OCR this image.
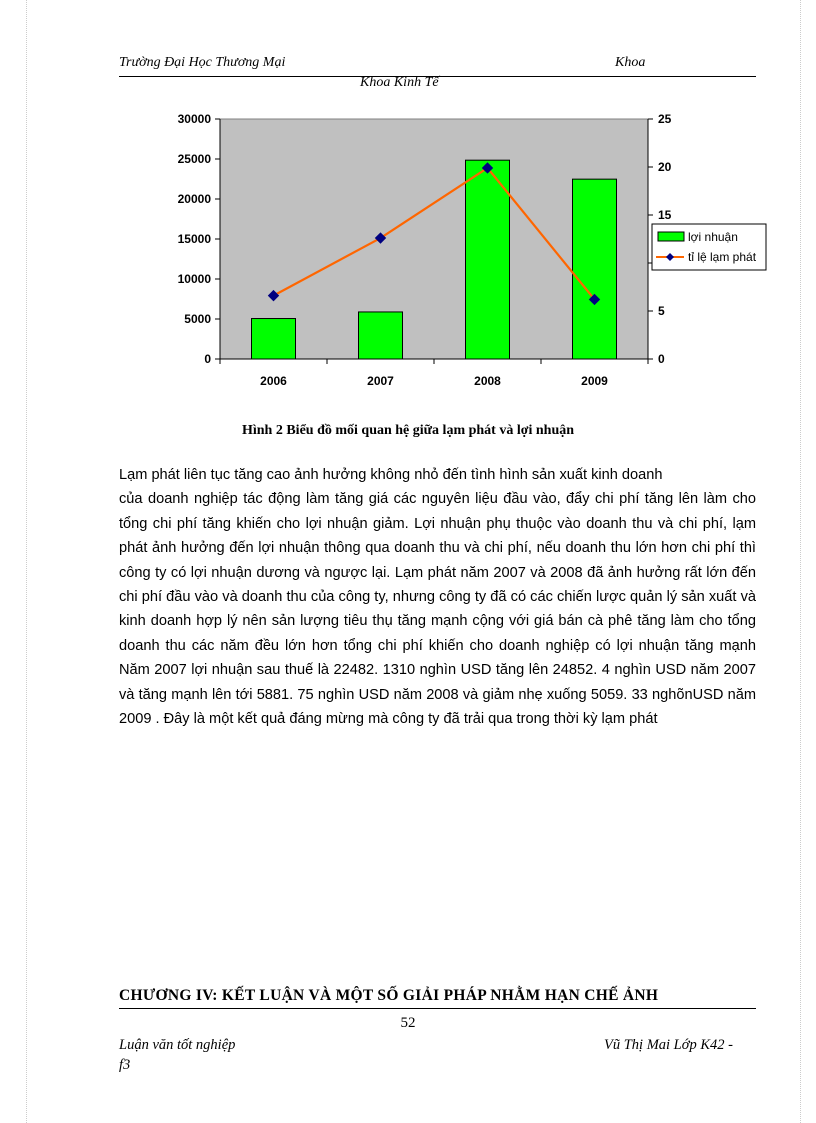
Trường Đại Học Thương Mại	Khoa
Khoa Kinh Tế
0
5000
10000
15000
20000
25000
30000
0
5
15
20
25
2006	2007	2008	2009
lợi nhuận
tỉ lệ lạm phát
Hình 2 Biểu đồ mối quan hệ giữa lạm phát và lợi nhuận

Lạm phát liên tục tăng cao ảnh hưởng không nhỏ đến tình hình sản xuất kinh doanh

của doanh nghiệp tác động làm tăng giá các nguyên liệu đầu vào, đẩy chi phí tăng lên làm cho tổng chi phí tăng khiến cho lợi nhuận giảm. Lợi nhuận phụ thuộc vào doanh thu và chi phí, lạm phát ảnh hưởng đến lợi nhuận thông qua doanh thu và chi phí, nếu doanh thu lớn hơn chi phí thì công ty có lợi nhuận dương và ngược lại. Lạm phát năm 2007 và 2008 đã ảnh hưởng rất lớn đến chi phí đầu vào và doanh thu của công ty, nhưng công ty đã có các chiến lược quản lý sản xuất và kinh doanh hợp lý nên sản lượng tiêu thụ tăng mạnh cộng với giá bán cà phê tăng làm cho tổng doanh thu các năm đều lớn hơn tổng chi phí khiến cho doanh nghiệp có lợi nhuận tăng mạnh Năm 2007 lợi nhuận sau thuế là 22482. 1310 nghìn USD tăng lên 24852. 4 nghìn USD năm 2007 và tăng mạnh lên tới 5881. 75 nghìn USD năm 2008 và giảm nhẹ xuống 5059. 33 nghõnUSD năm 2009 . Đây là một kết quả đáng mừng mà công ty đã trải qua trong thời kỳ lạm phát

CHƯƠNG IV: KẾT LUẬN VÀ MỘT SỐ GIẢI PHÁP NHẰM HẠN CHẾ ẢNH
52
Luận văn tốt nghiệp	Vũ Thị Mai Lớp K42 -
f3
